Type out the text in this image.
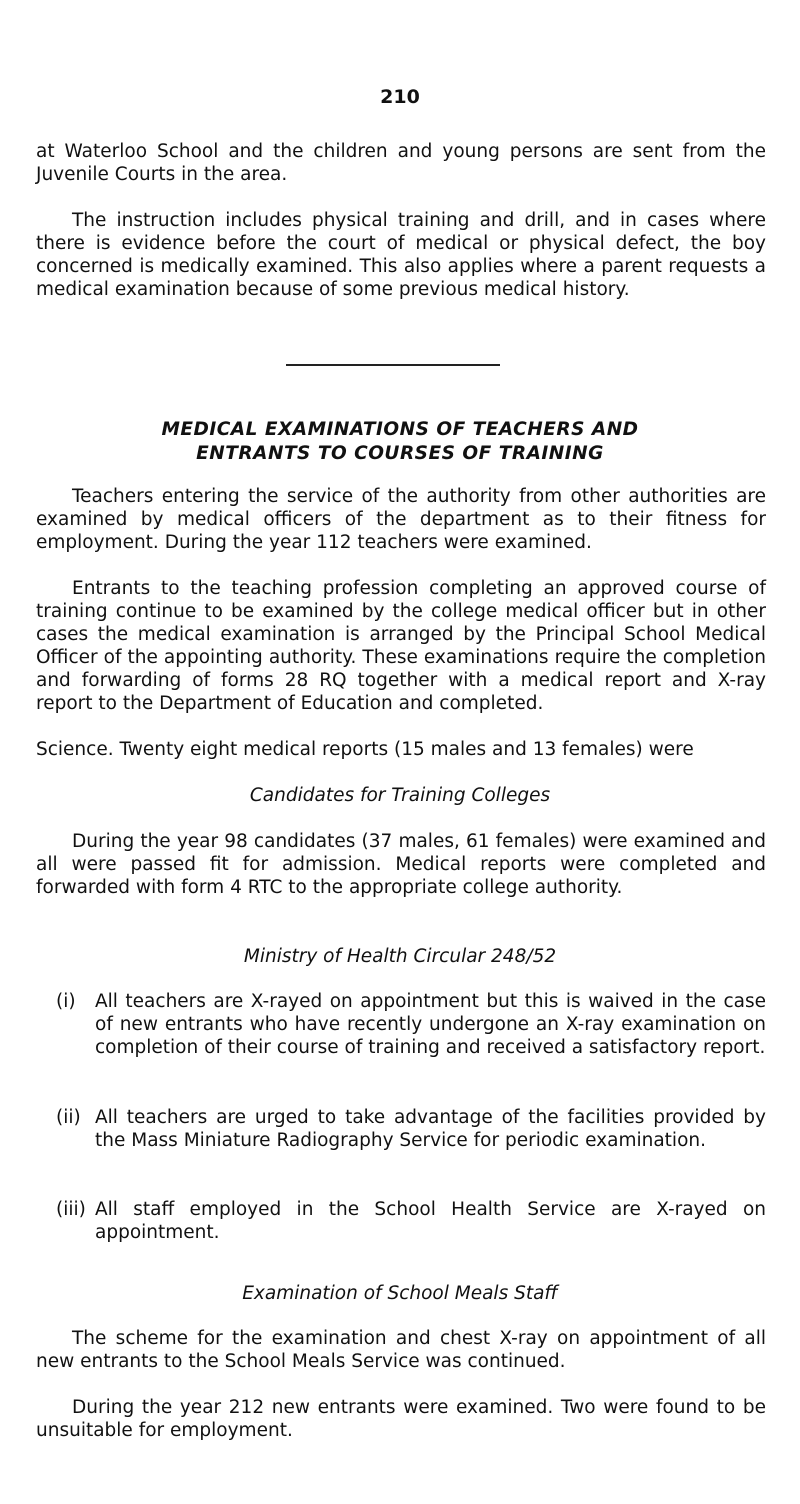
210

at Waterloo School and the children and young persons are sent from the Juvenile Courts in the area.

The instruction includes physical training and drill, and in cases where there is evidence before the court of medical or physical defect, the boy concerned is medically examined. This also applies where a parent requests a medical examination because of some previous medical history.

MEDICAL EXAMINATIONS OF TEACHERS AND

ENTRANTS TO COURSES OF TRAINING

Teachers entering the service of the authority from other authorities are examined by medical officers of the department as to their fitness for employment. During the year 112 teachers were examined.

Entrants to the teaching profession completing an approved course of training continue to be examined by the college medical officer but in other cases the medical examination is arranged by the Principal School Medical Officer of the appointing authority. These examinations require the completion and forwarding of forms 28 RQ together with a medical report and X-ray report to the Department of Education and completed.

Science. Twenty eight medical reports (15 males and 13 females) were

Candidates for Training Colleges

During the year 98 candidates (37 males, 61 females) were examined and all were passed fit for admission. Medical reports were completed and forwarded with form 4 RTC to the appropriate college authority.

Ministry of Health Circular 248/52

(i) All teachers are X-rayed on appointment but this is waived in the case of new entrants who have recently undergone an X-ray examination on completion of their course of training and received a satisfactory report.
(ii) All teachers are urged to take advantage of the facilities provided by the Mass Miniature Radiography Service for periodic examination.
(iii) All staff employed in the School Health Service are X-rayed on appointment.

Examination of School Meals Staff

The scheme for the examination and chest X-ray on appointment of all new entrants to the School Meals Service was continued.

During the year 212 new entrants were examined. Two were found to be unsuitable for employment.
